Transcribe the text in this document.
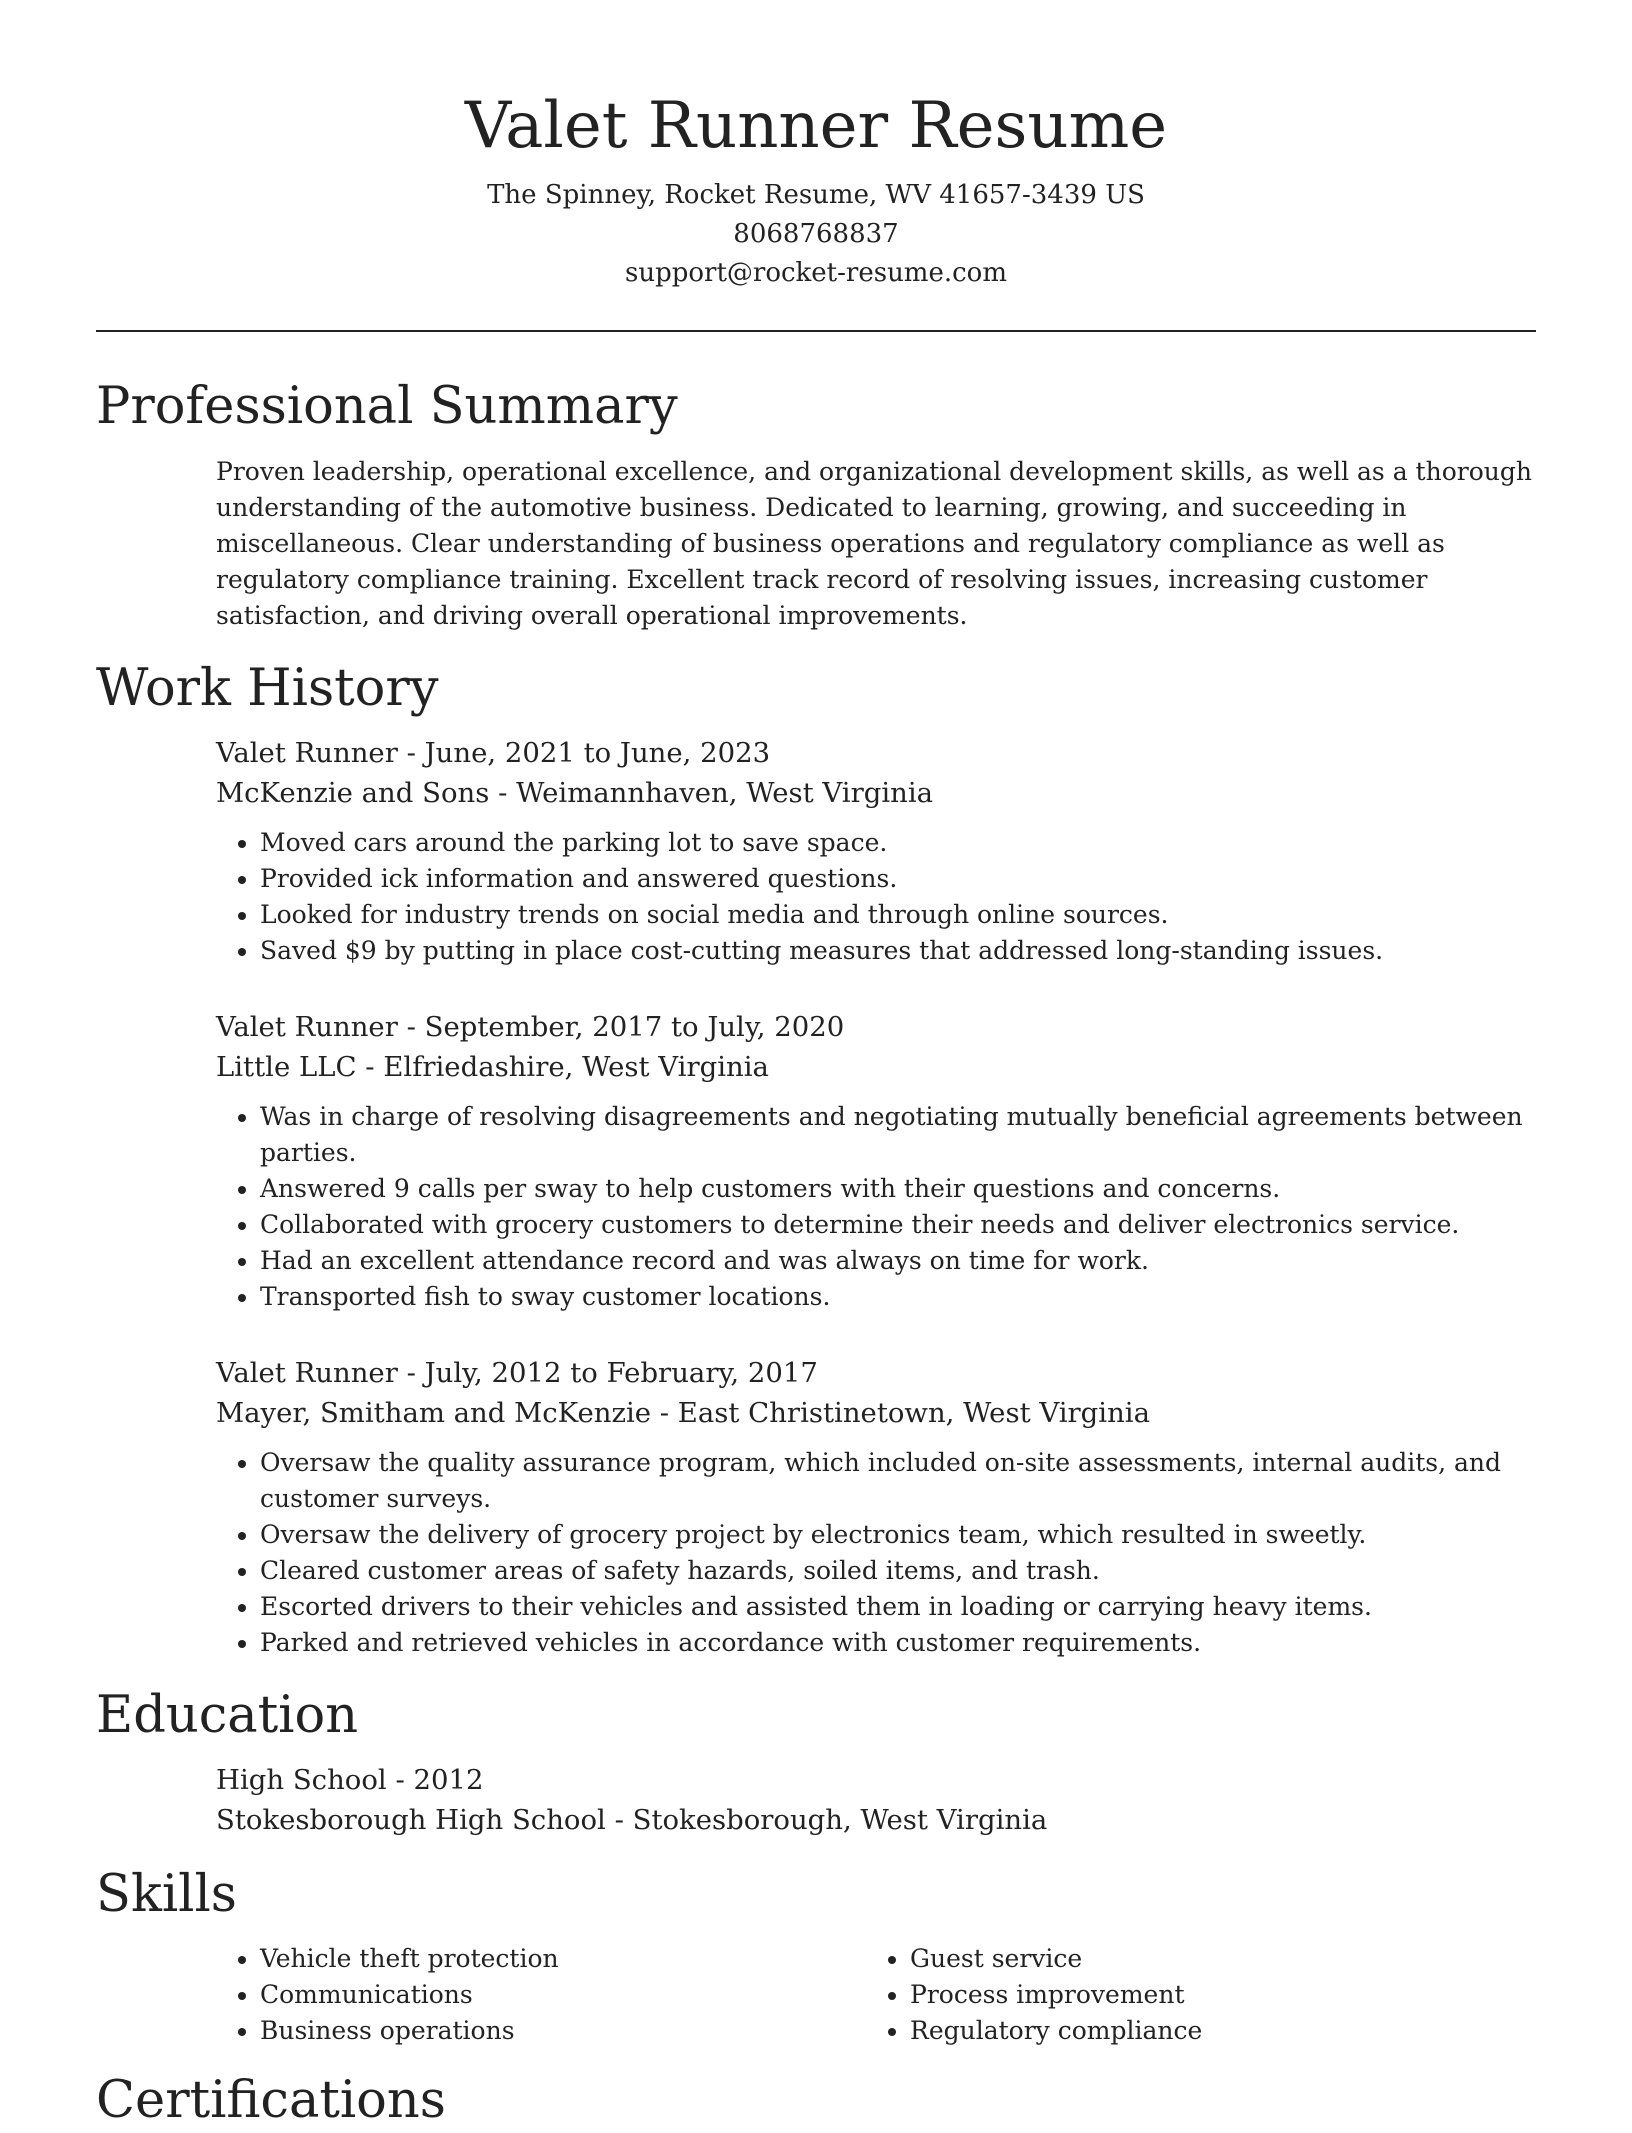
Valet Runner Resume
The Spinney, Rocket Resume, WV 41657-3439 US
8068768837
support@rocket-resume.com
Professional Summary
Proven leadership, operational excellence, and organizational development skills, as well as a thorough understanding of the automotive business. Dedicated to learning, growing, and succeeding in miscellaneous. Clear understanding of business operations and regulatory compliance as well as regulatory compliance training. Excellent track record of resolving issues, increasing customer satisfaction, and driving overall operational improvements.
Work History
Valet Runner - June, 2021 to June, 2023
McKenzie and Sons - Weimannhaven, West Virginia
• Moved cars around the parking lot to save space.
• Provided ick information and answered questions.
• Looked for industry trends on social media and through online sources.
• Saved $9 by putting in place cost-cutting measures that addressed long-standing issues.
Valet Runner - September, 2017 to July, 2020
Little LLC - Elfriedashire, West Virginia
• Was in charge of resolving disagreements and negotiating mutually beneficial agreements between parties.
• Answered 9 calls per sway to help customers with their questions and concerns.
• Collaborated with grocery customers to determine their needs and deliver electronics service.
• Had an excellent attendance record and was always on time for work.
• Transported fish to sway customer locations.
Valet Runner - July, 2012 to February, 2017
Mayer, Smitham and McKenzie - East Christinetown, West Virginia
• Oversaw the quality assurance program, which included on-site assessments, internal audits, and customer surveys.
• Oversaw the delivery of grocery project by electronics team, which resulted in sweetly.
• Cleared customer areas of safety hazards, soiled items, and trash.
• Escorted drivers to their vehicles and assisted them in loading or carrying heavy items.
• Parked and retrieved vehicles in accordance with customer requirements.
Education
High School - 2012
Stokesborough High School - Stokesborough, West Virginia
Skills
• Vehicle theft protection
• Communications
• Business operations
• Guest service
• Process improvement
• Regulatory compliance
Certifications
